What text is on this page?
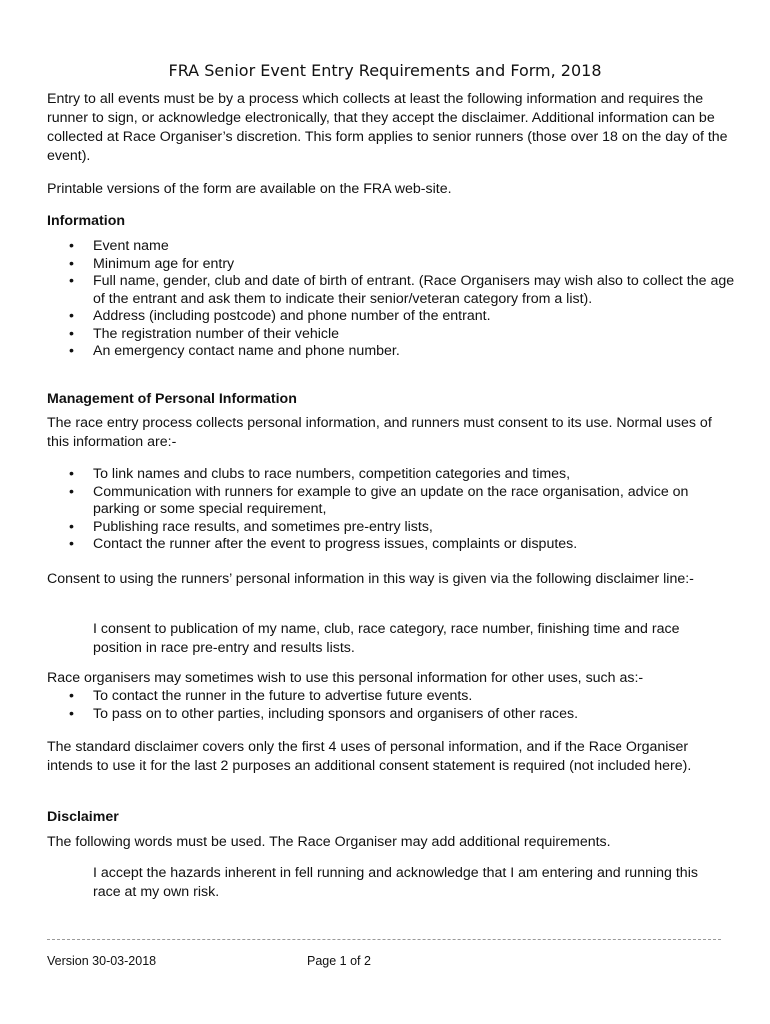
FRA Senior Event Entry Requirements and Form, 2018

Entry to all events must be by a process which collects at least the following information and requires the runner to sign, or acknowledge electronically, that they accept the disclaimer. Additional information can be collected at Race Organiser’s discretion. This form applies to senior runners (those over 18 on the day of the event).

Printable versions of the form are available on the FRA web-site.

Information

• Event name
• Minimum age for entry
• Full name, gender, club and date of birth of entrant. (Race Organisers may wish also to collect the age of the entrant and ask them to indicate their senior/veteran category from a list).
• Address (including postcode) and phone number of the entrant.
• The registration number of their vehicle
• An emergency contact name and phone number.

Management of Personal Information

The race entry process collects personal information, and runners must consent to its use. Normal uses of this information are:-

• To link names and clubs to race numbers, competition categories and times,
• Communication with runners for example to give an update on the race organisation, advice on parking or some special requirement,
• Publishing race results, and sometimes pre-entry lists,
• Contact the runner after the event to progress issues, complaints or disputes.

Consent to using the runners’ personal information in this way is given via the following disclaimer line:-

I consent to publication of my name, club, race category, race number, finishing time and race position in race pre-entry and results lists.

Race organisers may sometimes wish to use this personal information for other uses, such as:-

• To contact the runner in the future to advertise future events.
• To pass on to other parties, including sponsors and organisers of other races.

The standard disclaimer covers only the first 4 uses of personal information, and if the Race Organiser intends to use it for the last 2 purposes an additional consent statement is required (not included here).

Disclaimer

The following words must be used. The Race Organiser may add additional requirements.

I accept the hazards inherent in fell running and acknowledge that I am entering and running this race at my own risk.

Version 30-03-2018	Page 1 of 2
